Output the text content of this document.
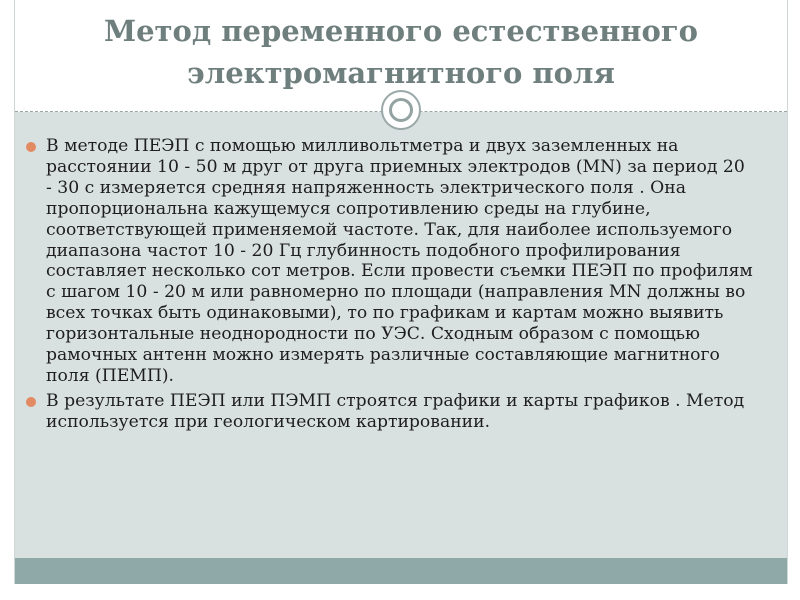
Метод переменного естественного электромагнитного поля
В методе ПЕЭП с помощью милливольтметра и двух заземленных на расстоянии 10 - 50 м друг от друга приемных электродов (MN) за период 20 - 30 с измеряется средняя напряженность электрического поля . Она пропорциональна кажущемуся сопротивлению среды на глубине, соответствующей применяемой частоте. Так, для наиболее используемого диапазона частот 10 - 20 Гц глубинность подобного профилирования составляет несколько сот метров. Если провести съемки ПЕЭП по профилям с шагом 10 - 20 м или равномерно по площади (направления MN должны во всех точках быть одинаковыми), то по графикам и картам можно выявить горизонтальные неоднородности по УЭС. Сходным образом с помощью рамочных антенн можно измерять различные составляющие магнитного поля (ПЕМП).
В результате ПЕЭП или ПЭМП строятся графики и карты графиков . Метод используется при геологическом картировании.
